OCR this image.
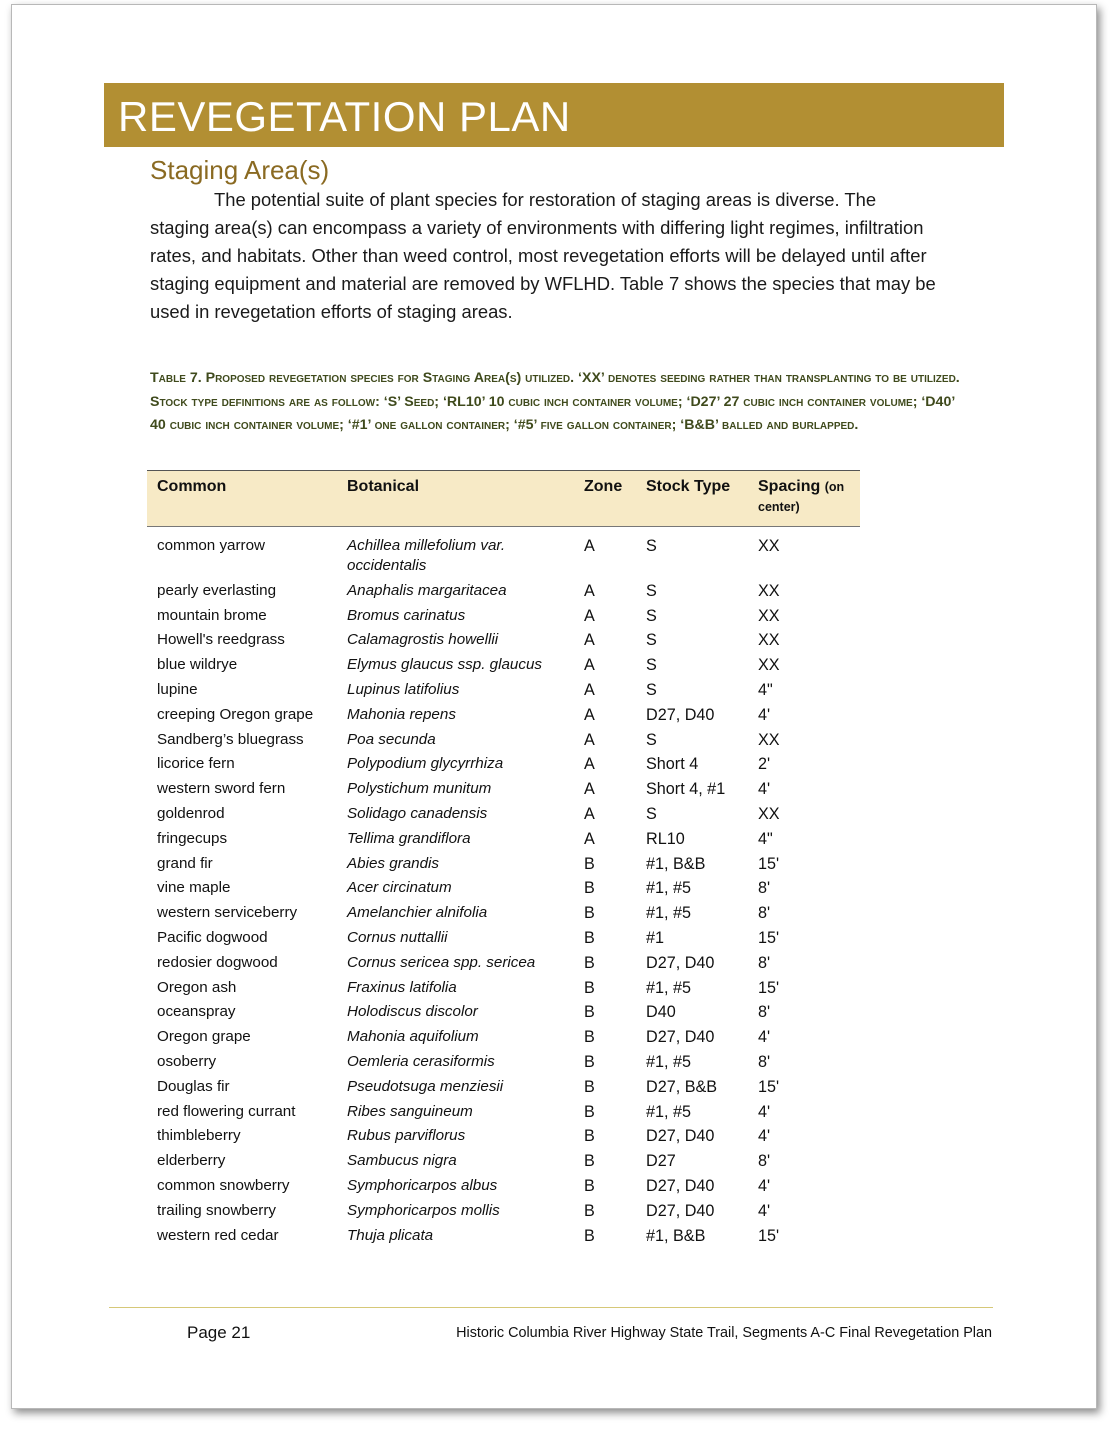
REVEGETATION PLAN
Staging Area(s)

The potential suite of plant species for restoration of staging areas is diverse. The staging area(s) can encompass a variety of environments with differing light regimes, infiltration rates, and habitats. Other than weed control, most revegetation efforts will be delayed until after staging equipment and material are removed by WFLHD. Table 7 shows the species that may be used in revegetation efforts of staging areas.

Table 7. Proposed revegetation species for Staging Area(s) utilized. ‘XX’ denotes seeding rather than transplanting to be utilized. Stock type definitions are as follow: ‘S’ Seed; ‘RL10’ 10 cubic inch container volume; ‘D27’ 27 cubic inch container volume; ‘D40’ 40 cubic inch container volume; ‘#1’ one gallon container; ‘#5’ five gallon container; ‘B&B’ balled and burlapped.

Common	Botanical	Zone	Stock Type	Spacing (on center)
common yarrow	Achillea millefolium var. occidentalis	A	S	XX
pearly everlasting	Anaphalis margaritacea	A	S	XX
mountain brome	Bromus carinatus	A	S	XX
Howell's reedgrass	Calamagrostis howellii	A	S	XX
blue wildrye	Elymus glaucus ssp. glaucus	A	S	XX
lupine	Lupinus latifolius	A	S	4"
creeping Oregon grape	Mahonia repens	A	D27, D40	4'
Sandberg’s bluegrass	Poa secunda	A	S	XX
licorice fern	Polypodium glycyrrhiza	A	Short 4	2'
western sword fern	Polystichum munitum	A	Short 4, #1	4'
goldenrod	Solidago canadensis	A	S	XX
fringecups	Tellima grandiflora	A	RL10	4"
grand fir	Abies grandis	B	#1, B&B	15'
vine maple	Acer circinatum	B	#1, #5	8'
western serviceberry	Amelanchier alnifolia	B	#1, #5	8'
Pacific dogwood	Cornus nuttallii	B	#1	15'
redosier dogwood	Cornus sericea spp. sericea	B	D27, D40	8'
Oregon ash	Fraxinus latifolia	B	#1, #5	15'
oceanspray	Holodiscus discolor	B	D40	8'
Oregon grape	Mahonia aquifolium	B	D27, D40	4'
osoberry	Oemleria cerasiformis	B	#1, #5	8'
Douglas fir	Pseudotsuga menziesii	B	D27, B&B	15'
red flowering currant	Ribes sanguineum	B	#1, #5	4'
thimbleberry	Rubus parviflorus	B	D27, D40	4'
elderberry	Sambucus nigra	B	D27	8'
common snowberry	Symphoricarpos albus	B	D27, D40	4'
trailing snowberry	Symphoricarpos mollis	B	D27, D40	4'
western red cedar	Thuja plicata	B	#1, B&B	15'
Page 21	Historic Columbia River Highway State Trail, Segments A-C Final Revegetation Plan
